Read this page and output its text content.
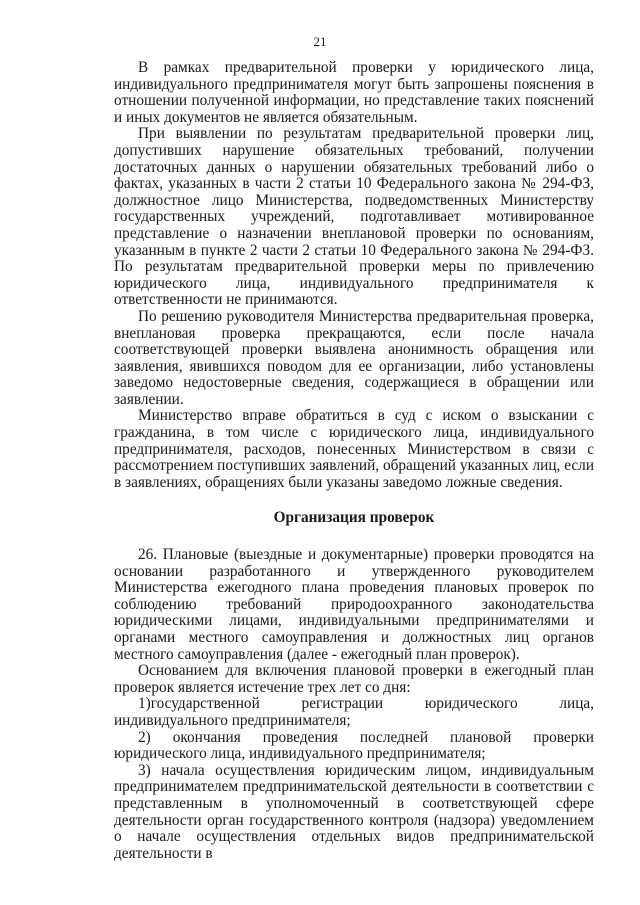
21

В рамках предварительной проверки у юридического лица, индивидуального предпринимателя могут быть запрошены пояснения в отношении полученной информации, но представление таких пояснений и иных документов не является обязательным.

При выявлении по результатам предварительной проверки лиц, допустивших нарушение обязательных требований, получении достаточных данных о нарушении обязательных требований либо о фактах, указанных в части 2 статьи 10 Федерального закона № 294-ФЗ, должностное лицо Министерства, подведомственных Министерству государственных учреждений, подготавливает мотивированное представление о назначении внеплановой проверки по основаниям, указанным в пункте 2 части 2 статьи 10 Федерального закона № 294-ФЗ. По результатам предварительной проверки меры по привлечению юридического лица, индивидуального предпринимателя к ответственности не принимаются.

По решению руководителя Министерства предварительная проверка, внеплановая проверка прекращаются, если после начала соответствующей проверки выявлена анонимность обращения или заявления, явившихся поводом для ее организации, либо установлены заведомо недостоверные сведения, содержащиеся в обращении или заявлении.

Министерство вправе обратиться в суд с иском о взыскании с гражданина, в том числе с юридического лица, индивидуального предпринимателя, расходов, понесенных Министерством в связи с рассмотрением поступивших заявлений, обращений указанных лиц, если в заявлениях, обращениях были указаны заведомо ложные сведения.

Организация проверок

26. Плановые (выездные и документарные) проверки проводятся на основании разработанного и утвержденного руководителем Министерства ежегодного плана проведения плановых проверок по соблюдению требований природоохранного законодательства юридическими лицами, индивидуальными предпринимателями и органами местного самоуправления и должностных лиц органов местного самоуправления (далее - ежегодный план проверок).

Основанием для включения плановой проверки в ежегодный план проверок является истечение трех лет со дня:

1)государственной регистрации юридического лица, индивидуального предпринимателя;

2) окончания проведения последней плановой проверки юридического лица, индивидуального предпринимателя;

3) начала осуществления юридическим лицом, индивидуальным предпринимателем предпринимательской деятельности в соответствии с представленным в уполномоченный в соответствующей сфере деятельности орган государственного контроля (надзора) уведомлением о начале осуществления отдельных видов предпринимательской деятельности в
